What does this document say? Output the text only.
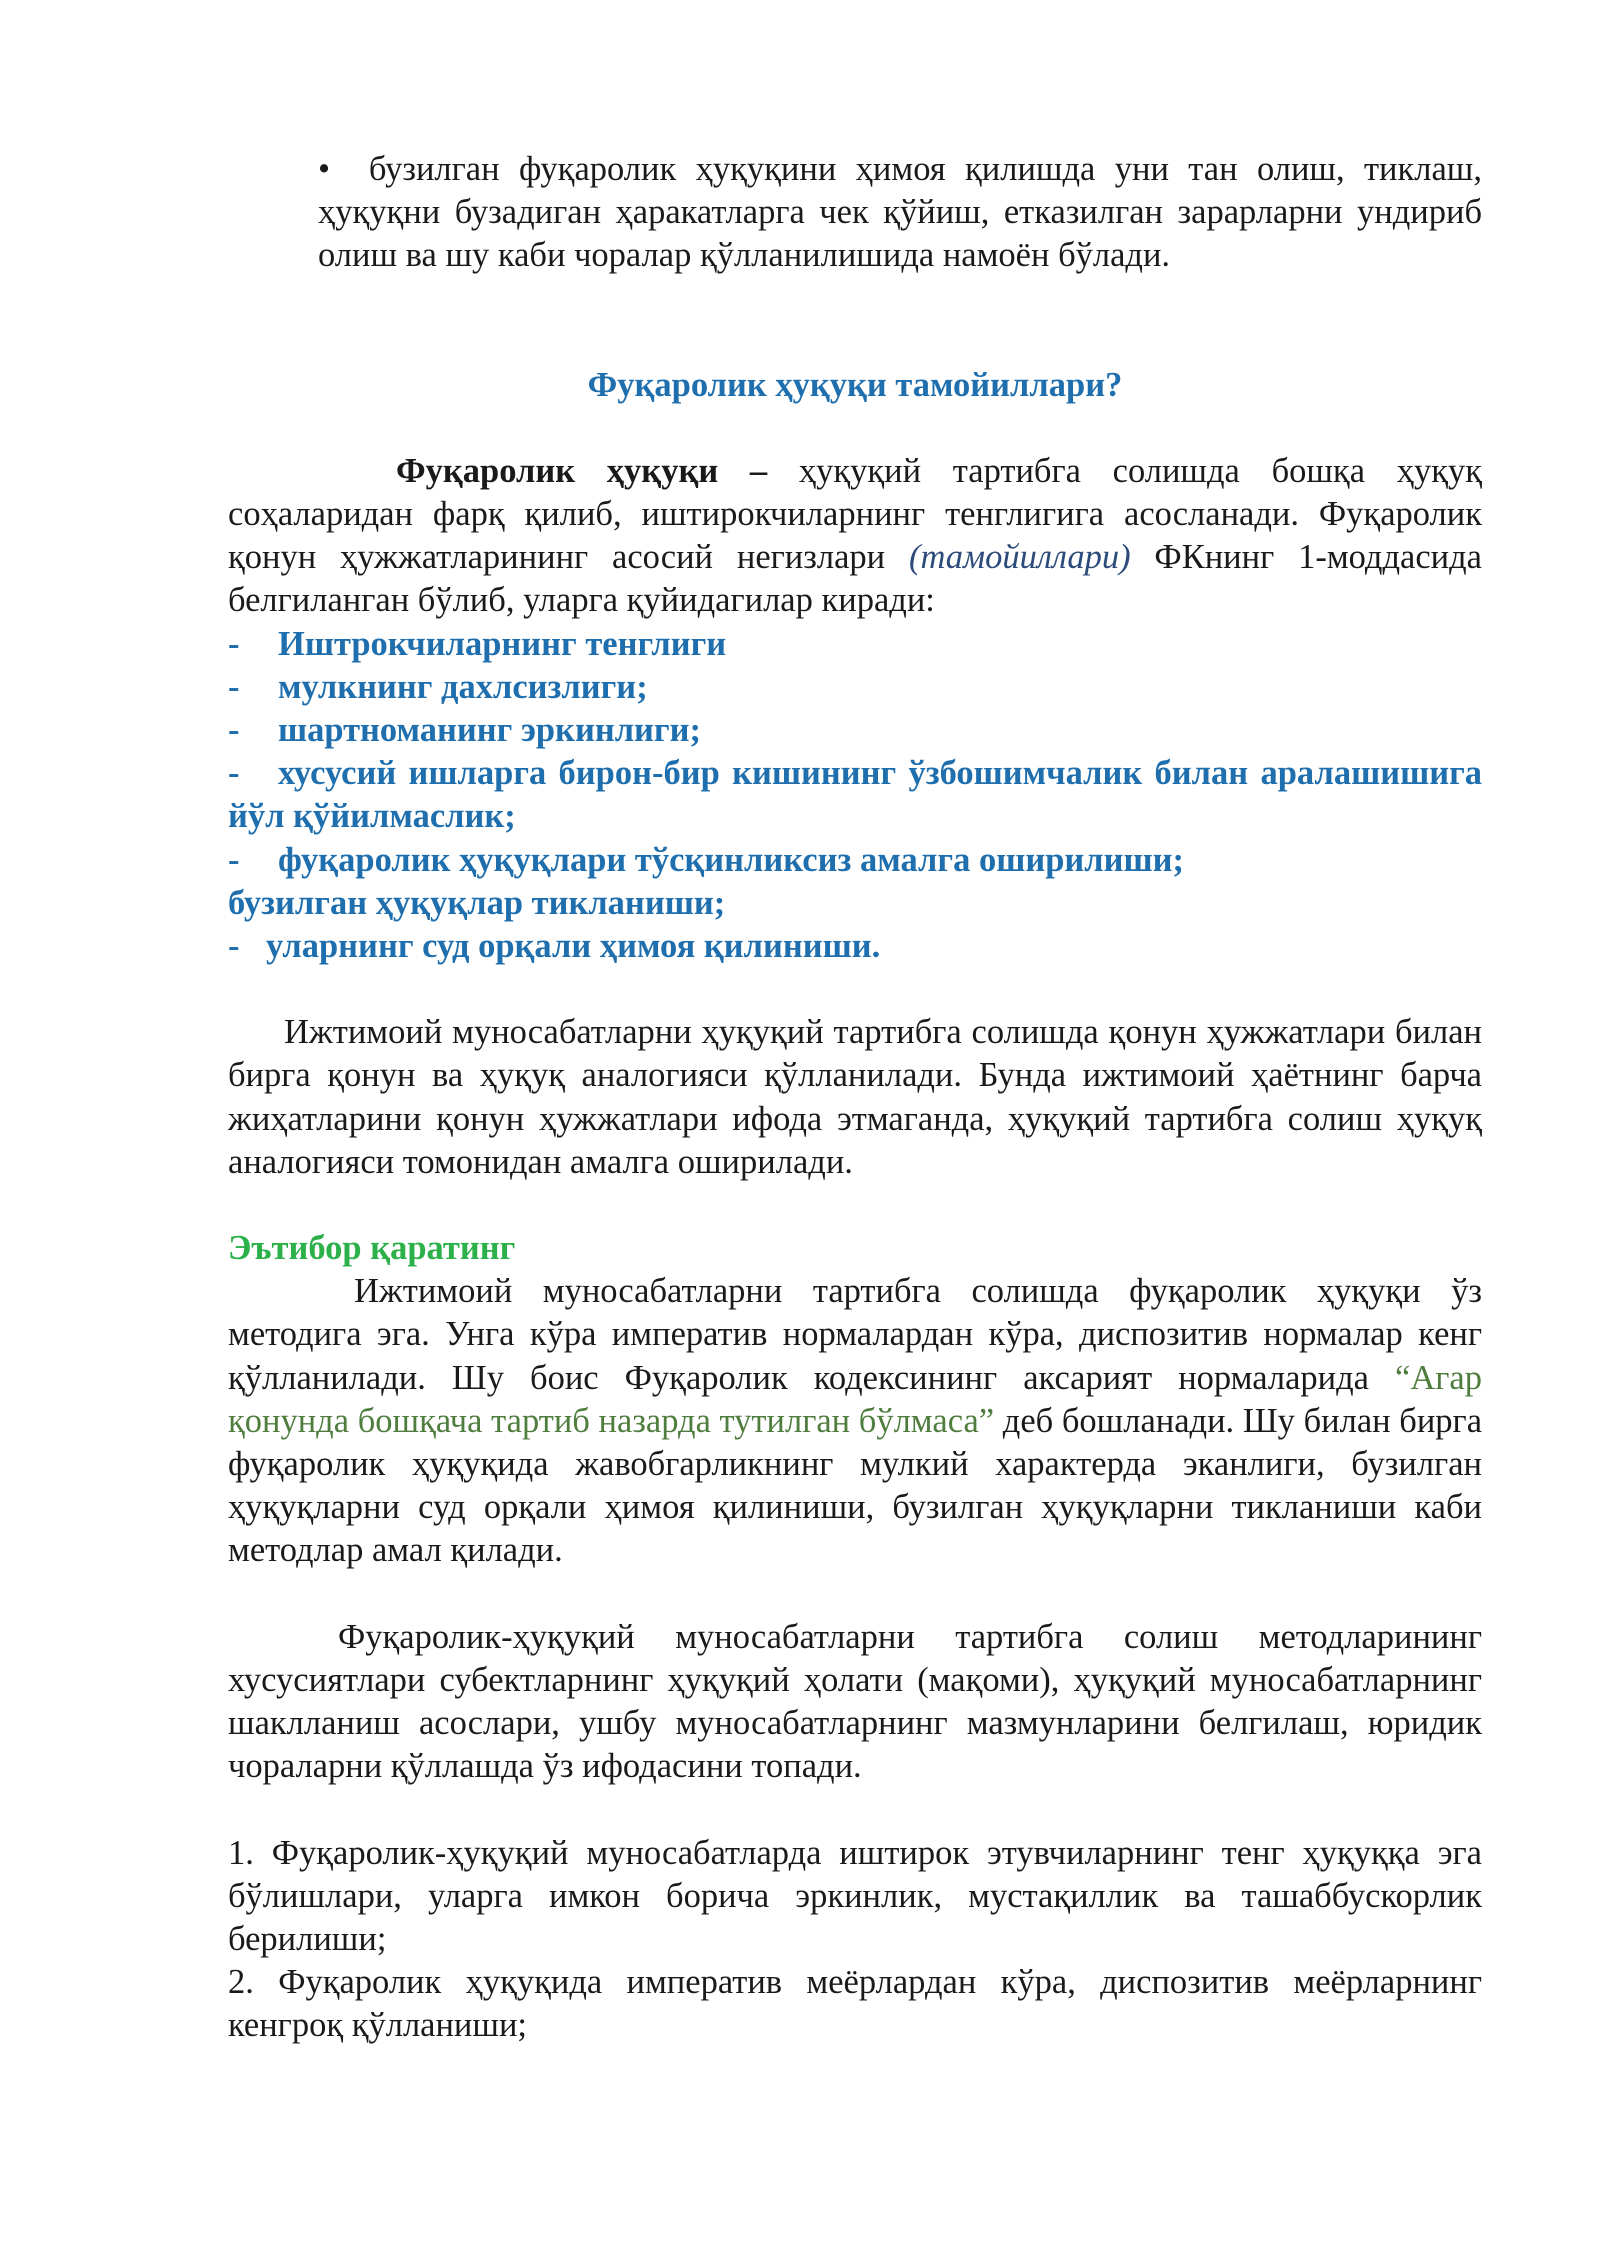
• бузилган фуқаролик ҳуқуқини ҳимоя қилишда уни тан олиш, тиклаш, ҳуқуқни бузадиган ҳаракатларга чек қўйиш, етказилган зарарларни ундириб олиш ва шу каби чоралар қўлланилишида намоён бўлади.

Фуқаролик ҳуқуқи тамойиллари?

Фуқаролик ҳуқуқи – ҳуқуқий тартибга солишда бошқа ҳуқуқ соҳаларидан фарқ қилиб, иштирокчиларнинг тенглигига асосланади. Фуқаролик қонун ҳужжатларининг асосий негизлари (тамойиллари) ФКнинг 1-моддасида белгиланган бўлиб, уларга қуйидагилар киради:

- Иштрокчиларнинг тенглиги

- мулкнинг дахлсизлиги;

- шартноманинг эркинлиги;

- хусусий ишларга бирон-бир кишининг ўзбошимчалик билан аралашишига йўл қўйилмаслик;

- фуқаролик ҳуқуқлари тўсқинликсиз амалга оширилиши;

бузилган ҳуқуқлар тикланиши;

- уларнинг суд орқали ҳимоя қилиниши.

Ижтимоий муносабатларни ҳуқуқий тартибга солишда қонун ҳужжатлари билан бирга қонун ва ҳуқуқ аналогияси қўлланилади. Бунда ижтимоий ҳаётнинг барча жиҳатларини қонун ҳужжатлари ифода этмаганда, ҳуқуқий тартибга солиш ҳуқуқ аналогияси томонидан амалга оширилади.

Эътибор қаратинг

Ижтимоий муносабатларни тартибга солишда фуқаролик ҳуқуқи ўз методига эга. Унга кўра императив нормалардан кўра, диспозитив нормалар кенг қўлланилади. Шу боис Фуқаролик кодексининг аксарият нормаларида “Агар қонунда бошқача тартиб назарда тутилган бўлмаса” деб бошланади. Шу билан бирга фуқаролик ҳуқуқида жавобгарликнинг мулкий характерда эканлиги, бузилган ҳуқуқларни суд орқали ҳимоя қилиниши, бузилган ҳуқуқларни тикланиши каби методлар амал қилади.

Фуқаролик-ҳуқуқий муносабатларни тартибга солиш методларининг хусусиятлари субектларнинг ҳуқуқий ҳолати (мақоми), ҳуқуқий муносабатларнинг шаклланиш асослари, ушбу муносабатларнинг мазмунларини белгилаш, юридик чораларни қўллашда ўз ифодасини топади.

1. Фуқаролик-ҳуқуқий муносабатларда иштирок этувчиларнинг тенг ҳуқуққа эга бўлишлари, уларга имкон борича эркинлик, мустақиллик ва ташаббускорлик берилиши;

2. Фуқаролик ҳуқуқида императив меёрлардан кўра, диспозитив меёрларнинг кенгроқ қўлланиши;
